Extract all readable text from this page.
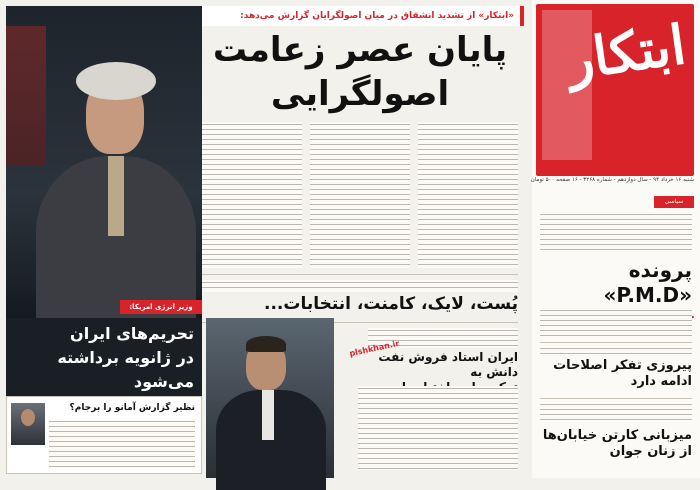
ابتکار
شنبه ۱۶ خرداد ۹۴ - سال دوازدهم - شماره ۳۲۶۸ - ۱۶ صفحه ۵۰۰ تومان
سیاسی
پرونده «P.M.D»
پیروزی تفکر اصلاحات
ادامه دارد
میزبانی کارتن خیابان‌ها
از زنان جوان
«ابتکار» از تشدید انشقاق در میان اصولگرایان گزارش می‌دهد:
پایان عصر زعامت
اصولگرایی
پُست، لایک، کامنت، انتخابات...
ایران استاد فروش نفت دانش به
plshkhan.ir
وزیر انرژی امریکا:
تحریم‌های ایران
در ژانویه برداشته می‌شود
نظیر گزارش آمانو را برجام؟
